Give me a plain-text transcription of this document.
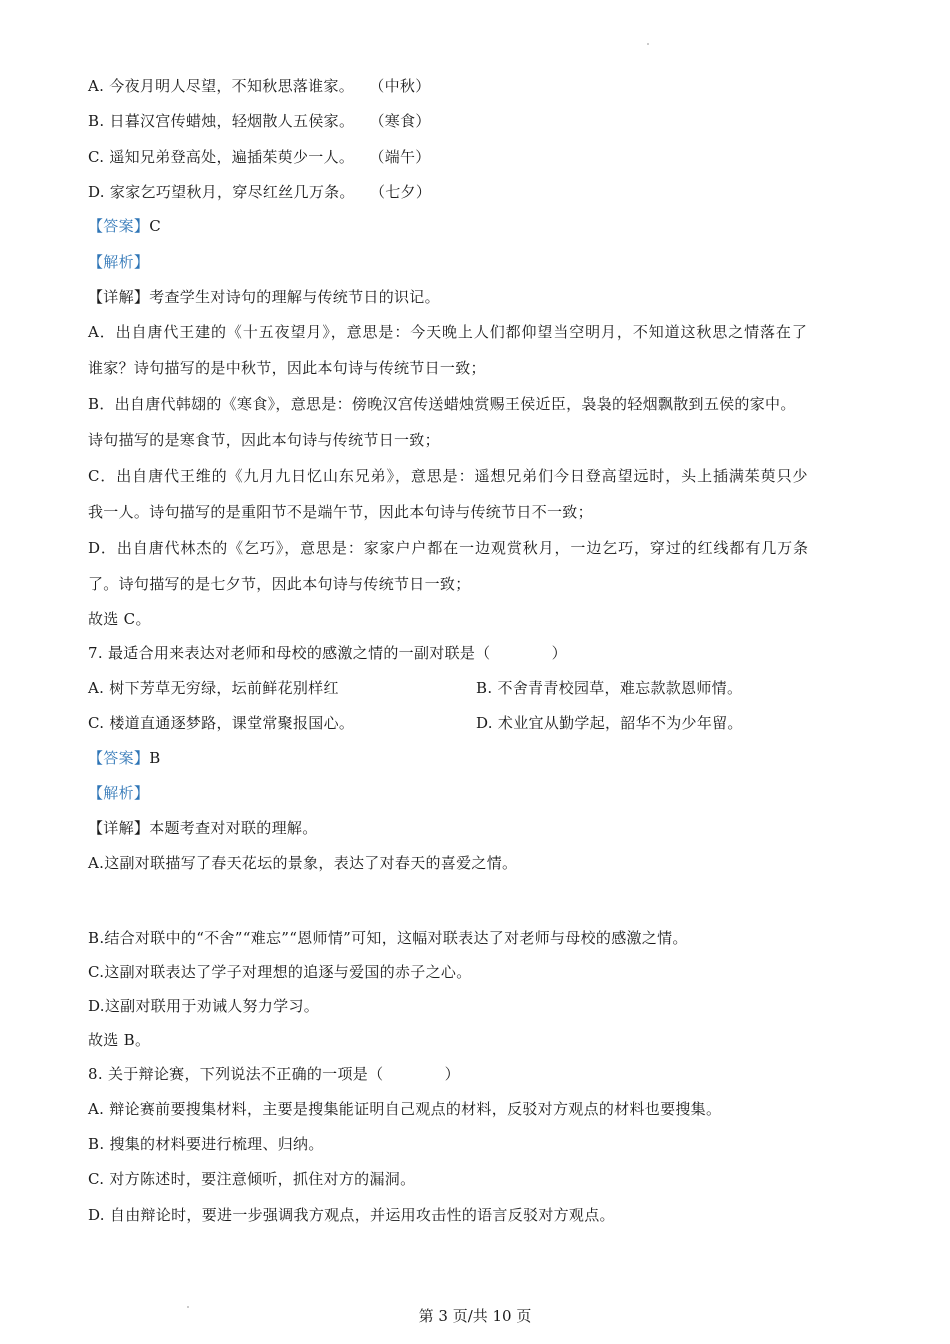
A. 今夜月明人尽望，不知秋思落谁家。 （中秋）
B. 日暮汉宫传蜡烛，轻烟散人五侯家。 （寒食）
C. 遥知兄弟登高处，遍插茱萸少一人。 （端午）
D. 家家乞巧望秋月，穿尽红丝几万条。 （七夕）
【答案】C
【解析】
【详解】考查学生对诗句的理解与传统节日的识记。
A．出自唐代王建的《十五夜望月》，意思是：今天晚上人们都仰望当空明月，不知道这秋思之情落在了
谁家？诗句描写的是中秋节，因此本句诗与传统节日一致；
B．出自唐代韩翃的《寒食》，意思是：傍晚汉宫传送蜡烛赏赐王侯近臣，袅袅的轻烟飘散到五侯的家中。
诗句描写的是寒食节，因此本句诗与传统节日一致；
C．出自唐代王维的《九月九日忆山东兄弟》，意思是：遥想兄弟们今日登高望远时，头上插满茱萸只少
我一人。诗句描写的是重阳节不是端午节，因此本句诗与传统节日不一致；
D．出自唐代林杰的《乞巧》，意思是：家家户户都在一边观赏秋月，一边乞巧，穿过的红线都有几万条
了。诗句描写的是七夕节，因此本句诗与传统节日一致；
故选 C。
7. 最适合用来表达对老师和母校的感激之情的一副对联是（　　　　）
A. 树下芳草无穷绿，坛前鲜花别样红	B. 不舍青青校园草，难忘款款恩师情。
C. 楼道直通逐梦路，课堂常聚报国心。	D. 术业宜从勤学起，韶华不为少年留。
【答案】B
【解析】
【详解】本题考查对对联的理解。
A.这副对联描写了春天花坛的景象，表达了对春天的喜爱之情。
B.结合对联中的“不舍”“难忘”“恩师情”可知，这幅对联表达了对老师与母校的感激之情。
C.这副对联表达了学子对理想的追逐与爱国的赤子之心。
D.这副对联用于劝诫人努力学习。
故选 B。
8. 关于辩论赛，下列说法不正确的一项是（　　　　）
A. 辩论赛前要搜集材料，主要是搜集能证明自己观点的材料，反驳对方观点的材料也要搜集。
B. 搜集的材料要进行梳理、归纳。
C. 对方陈述时，要注意倾听，抓住对方的漏洞。
D. 自由辩论时，要进一步强调我方观点，并运用攻击性的语言反驳对方观点。
第 3 页/共 10 页
